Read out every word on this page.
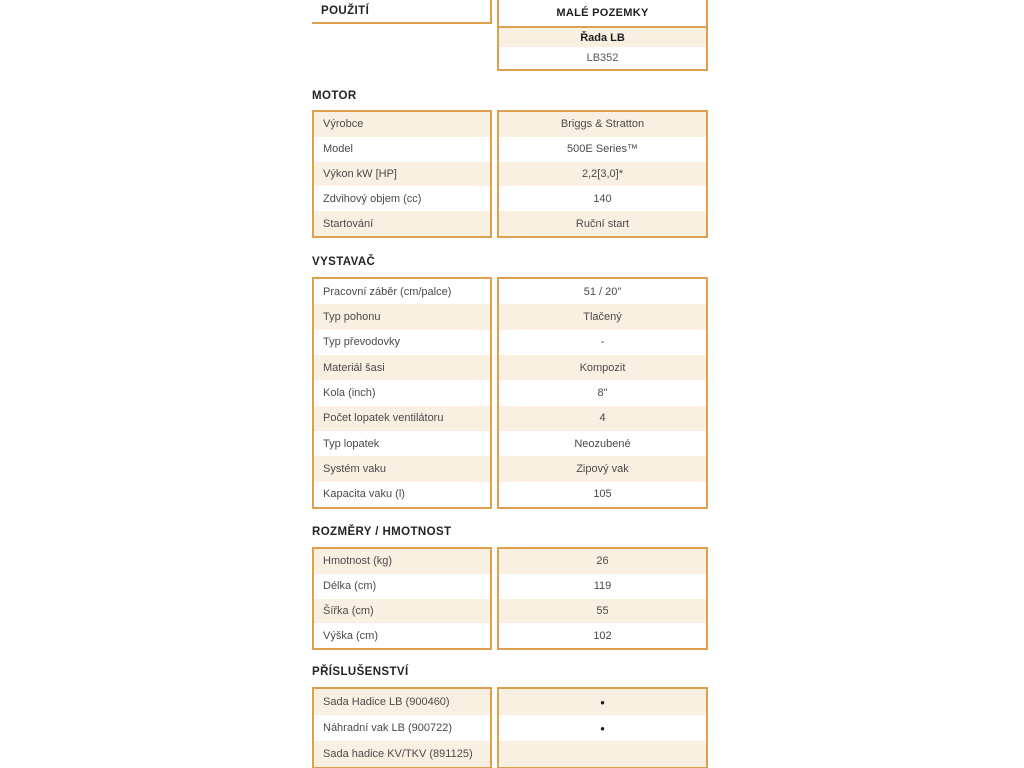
POUŽITÍ	MALÉ POZEMKY
Řada LB
LB352
MOTOR
VYSTAVAČ
ROZMĚRY / HMOTNOST
PŘÍSLUŠENSTVÍ
Výrobce
Model
Výkon kW [HP]
Zdvihový objem (cc)
Startování
Briggs & Stratton
500E Series™
2,2[3,0]*
140
Ruční start
Pracovní záběr (cm/palce)
Typ pohonu
Typ převodovky
Materiál šasi
Kola (inch)
Počet lopatek ventilátoru
Typ lopatek
Systém vaku
Kapacita vaku (l)
51 / 20"
Tlačený
-
Kompozit
8"
4
Neozubené
Zipový vak
105
Hmotnost (kg)
Délka (cm)
Šířka (cm)
Výška (cm)
26
119
55
102
Sada Hadice LB (900460)
Náhradní vak LB (900722)
Sada hadice KV/TKV (891125)
•
•
